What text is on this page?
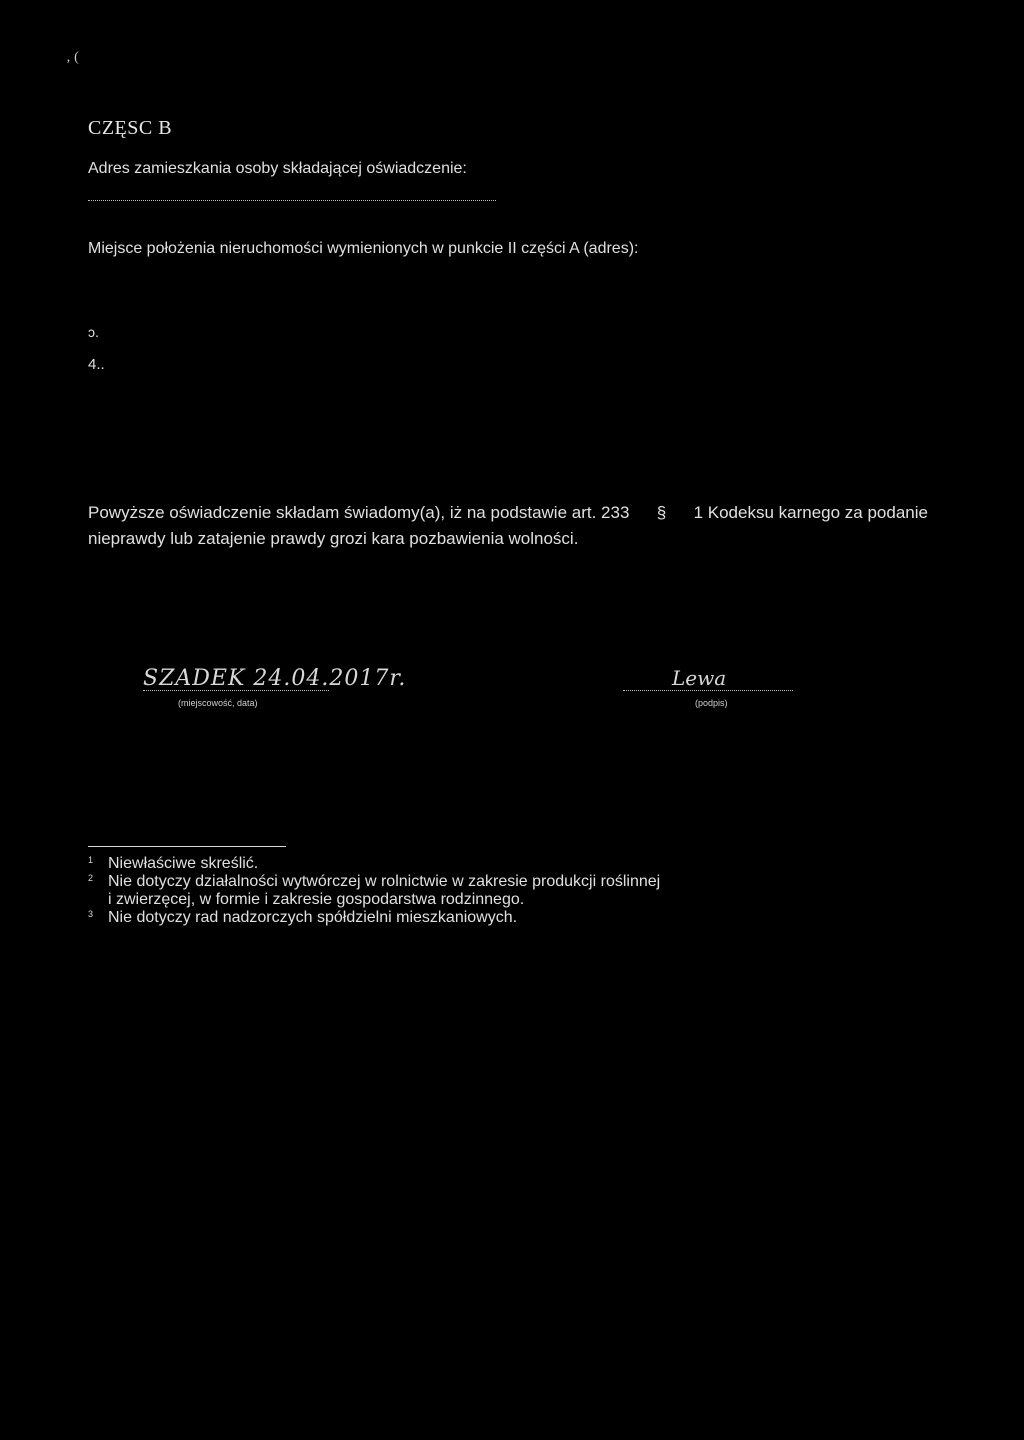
‚ (
CZĘSC B
Adres zamieszkania osoby składającej oświadczenie:
Miejsce położenia nieruchomości wymienionych w punkcie II części A (adres):
ɔ.
4..
Powyższe oświadczenie składam świadomy(a), iż na podstawie art. 233 § 1 Kodeksu karnego za podanie
nieprawdy lub zatajenie prawdy grozi kara pozbawienia wolności.
SZADEK 24.04.2017r.
(miejscowość, data)
Lewa
(podpis)
1 Niewłaściwe skreślić.
2 Nie dotyczy działalności wytwórczej w rolnictwie w zakresie produkcji roślinnej
i zwierzęcej, w formie i zakresie gospodarstwa rodzinnego.
3 Nie dotyczy rad nadzorczych spółdzielni mieszkaniowych.
